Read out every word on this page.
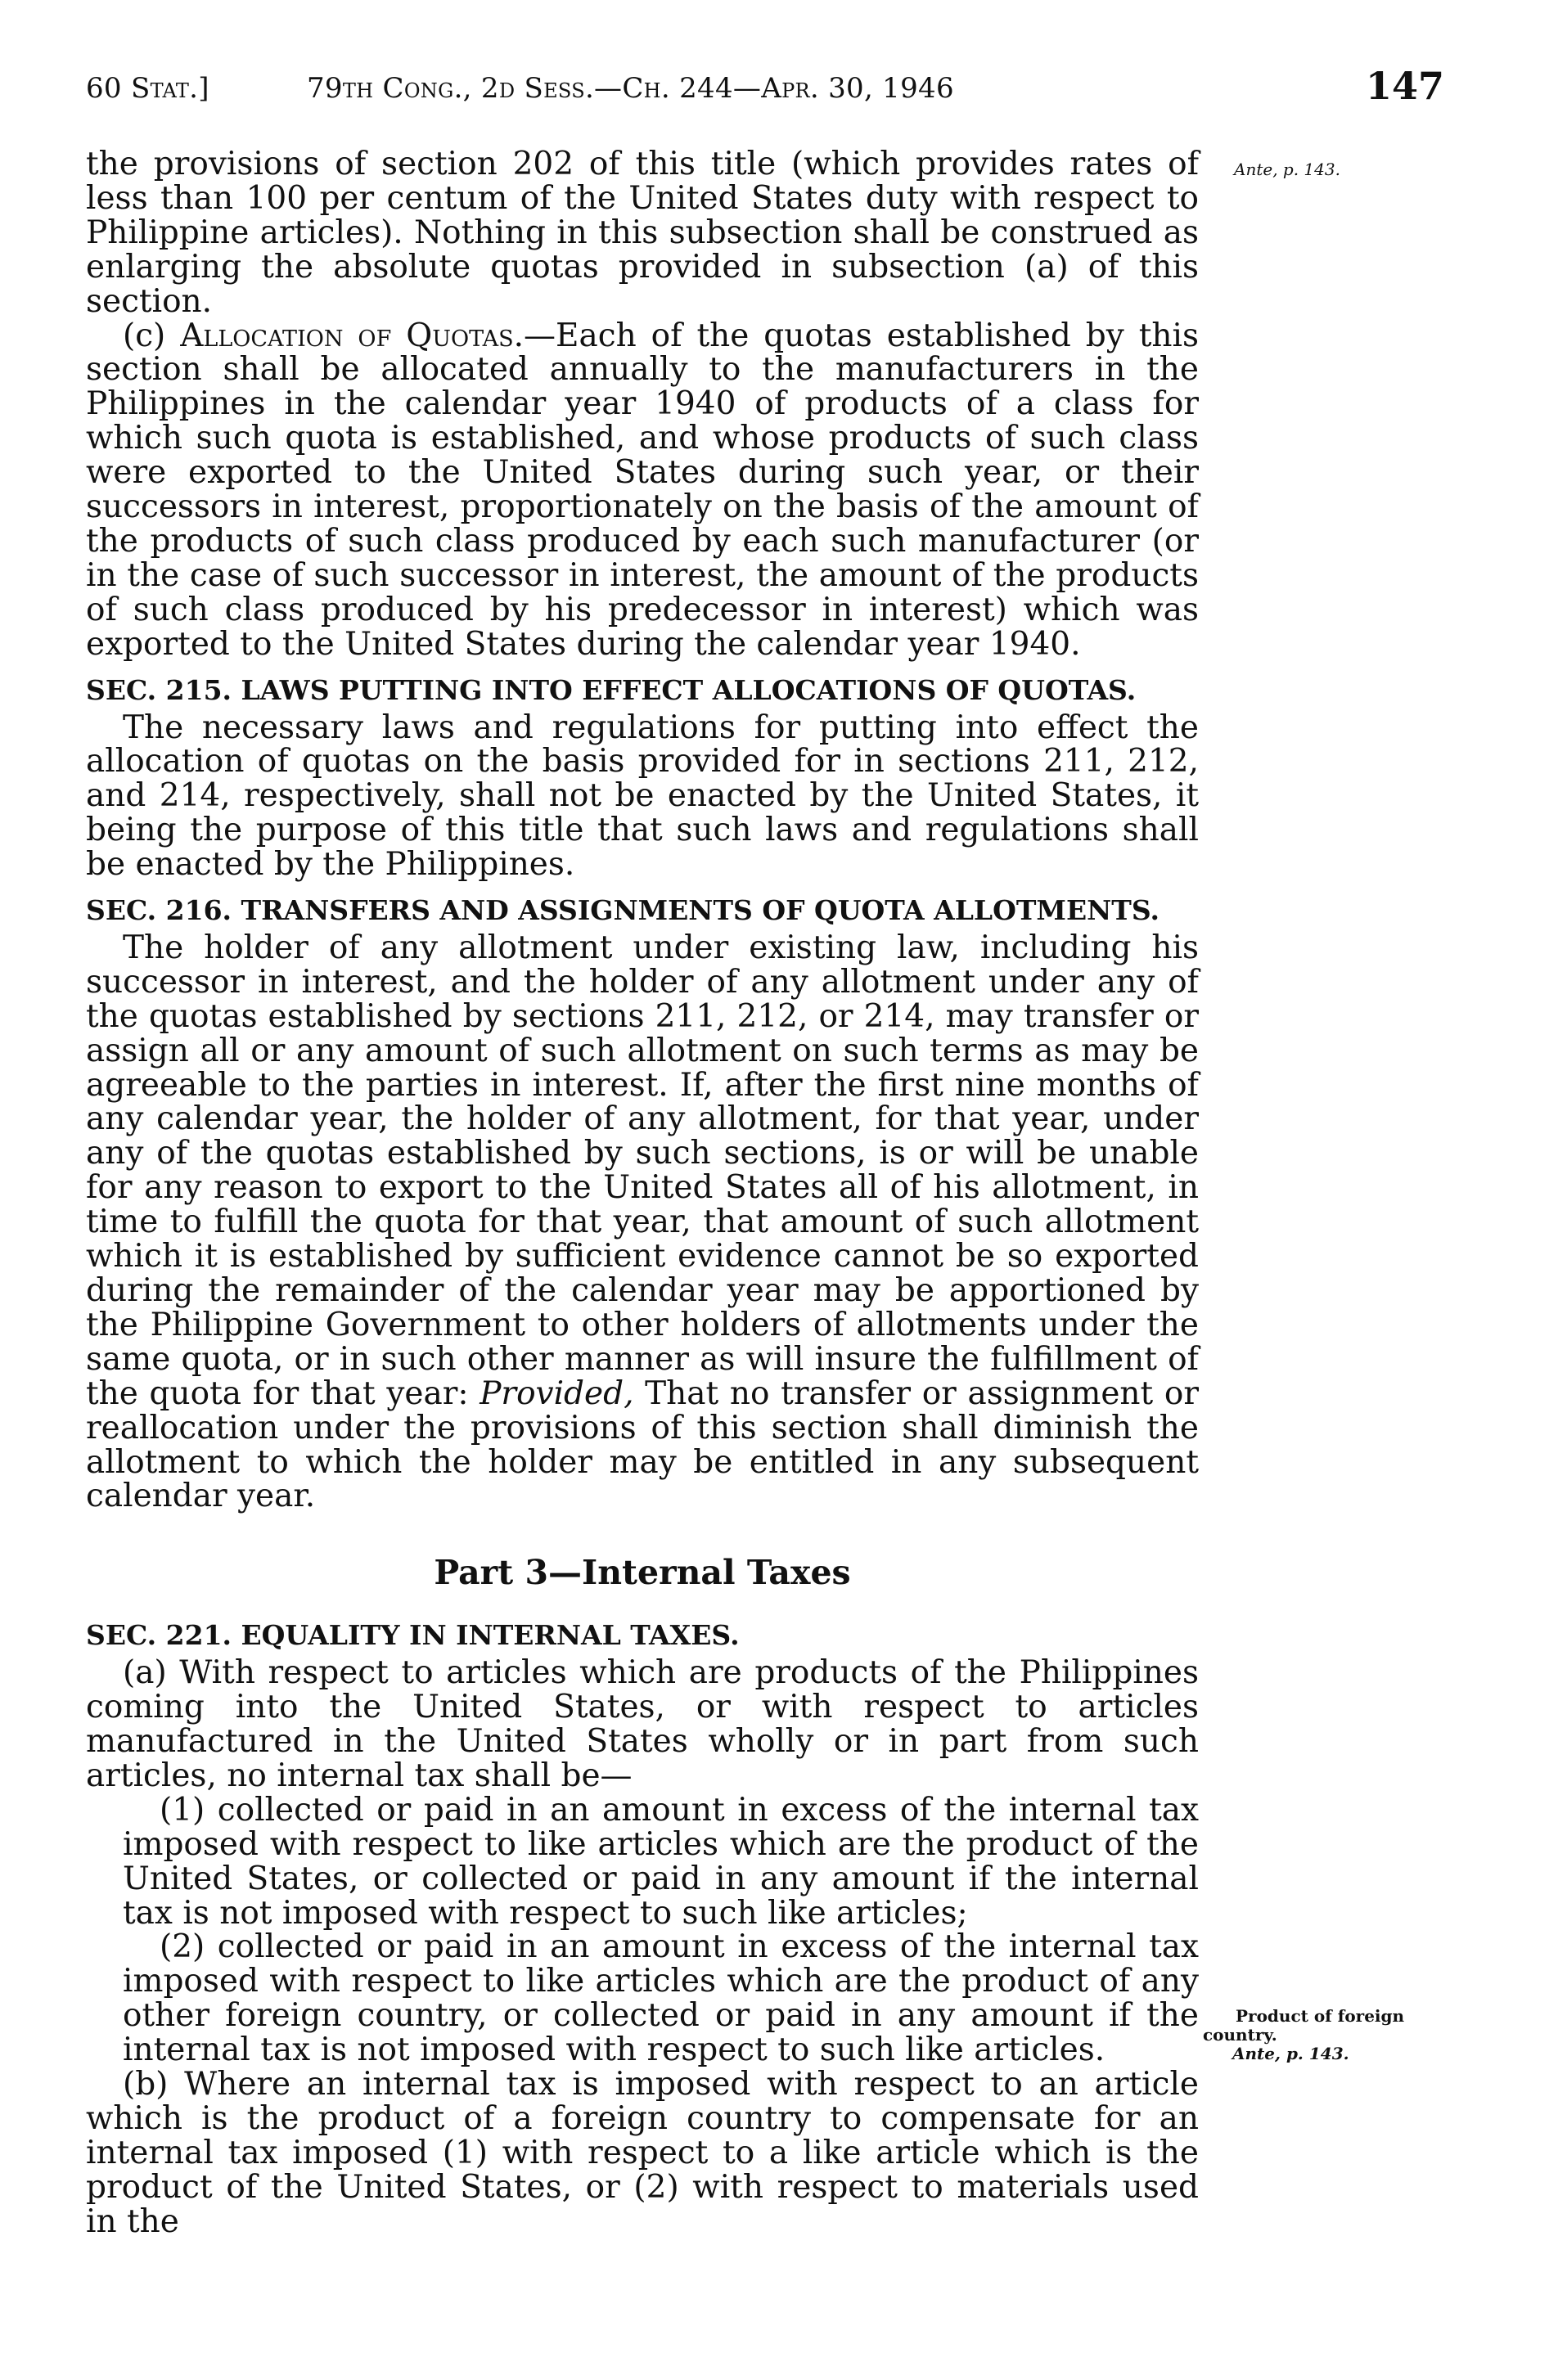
60 Stat.]	79th Cong., 2d Sess.—Ch. 244—Apr. 30, 1946	147
Ante, p. 143.
Product of foreign
country.
Ante, p. 143.

the provisions of section 202 of this title (which provides rates of less than 100 per centum of the United States duty with respect to Philippine articles). Nothing in this subsection shall be construed as enlarging the absolute quotas provided in subsection (a) of this section.

(c) Allocation of Quotas.—Each of the quotas established by this section shall be allocated annually to the manufacturers in the Philippines in the calendar year 1940 of products of a class for which such quota is established, and whose products of such class were exported to the United States during such year, or their successors in interest, proportionately on the basis of the amount of the products of such class produced by each such manufacturer (or in the case of such successor in interest, the amount of the products of such class produced by his predecessor in interest) which was exported to the United States during the calendar year 1940.

SEC. 215. LAWS PUTTING INTO EFFECT ALLOCATIONS OF QUOTAS.

The necessary laws and regulations for putting into effect the allocation of quotas on the basis provided for in sections 211, 212, and 214, respectively, shall not be enacted by the United States, it being the purpose of this title that such laws and regulations shall be enacted by the Philippines.

SEC. 216. TRANSFERS AND ASSIGNMENTS OF QUOTA ALLOTMENTS.

The holder of any allotment under existing law, including his successor in interest, and the holder of any allotment under any of the quotas established by sections 211, 212, or 214, may transfer or assign all or any amount of such allotment on such terms as may be agreeable to the parties in interest. If, after the first nine months of any calendar year, the holder of any allotment, for that year, under any of the quotas established by such sections, is or will be unable for any reason to export to the United States all of his allotment, in time to fulfill the quota for that year, that amount of such allotment which it is established by sufficient evidence cannot be so exported during the remainder of the calendar year may be apportioned by the Philippine Government to other holders of allotments under the same quota, or in such other manner as will insure the fulfillment of the quota for that year: Provided, That no transfer or assignment or reallocation under the provisions of this section shall diminish the allotment to which the holder may be entitled in any subsequent calendar year.

Part 3—Internal Taxes

SEC. 221. EQUALITY IN INTERNAL TAXES.

(a) With respect to articles which are products of the Philippines coming into the United States, or with respect to articles manufactured in the United States wholly or in part from such articles, no internal tax shall be—

(1) collected or paid in an amount in excess of the internal tax imposed with respect to like articles which are the product of the United States, or collected or paid in any amount if the internal tax is not imposed with respect to such like articles;

(2) collected or paid in an amount in excess of the internal tax imposed with respect to like articles which are the product of any other foreign country, or collected or paid in any amount if the internal tax is not imposed with respect to such like articles.

(b) Where an internal tax is imposed with respect to an article which is the product of a foreign country to compensate for an internal tax imposed (1) with respect to a like article which is the product of the United States, or (2) with respect to materials used in the
